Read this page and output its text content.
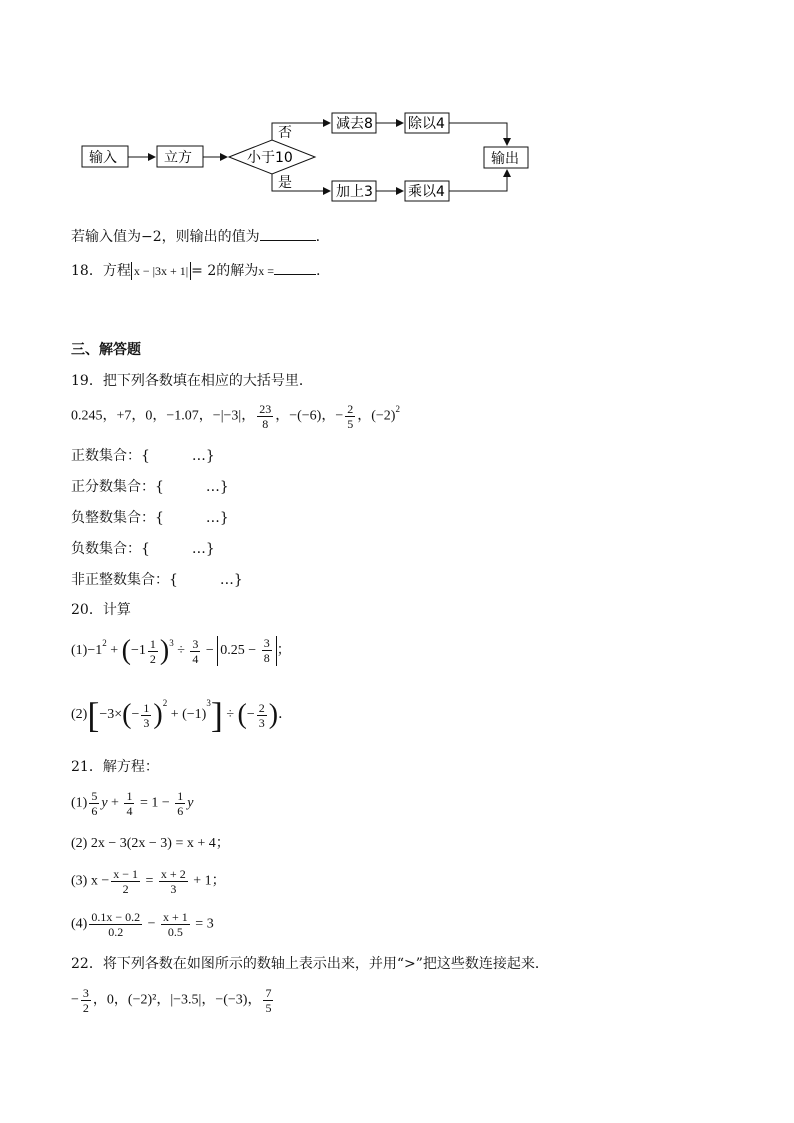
输入	立方	小于10
否
是
减去8	除以4
加上3	乘以4
输出
若输入值为−2，则输出的值为	.
18．方程 x − |3x + 1| = 2的解为x =	.
三、解答题
19．把下列各数填在相应的大括号里．
0.245，+7，0，−1.07，−|−3|， $\frac{23}{8}$ ，−(−6)，− $\frac{2}{5}$ ，$(-2)^2$
正数集合：{　　　…}
正分数集合：{　　　…}
负整数集合：{　　　…}
负数集合：{　　　…}
非正整数集合：{　　　…}
20．计算
$(1)-1^2 + (-1 \frac{1}{2} )^3 \div \frac{3}{4} - 0.25 - \frac{3}{8}$ ；
$(2)[-3\times(- \frac{1}{3} )^2 + (-1)^3]$ ÷ (− $\frac{2}{3}$ )．
21．解方程：
$(1) \frac{5}{6}$ $y + \frac{1}{4} = 1 - \frac{1}{6}$ y
(2) 2x − 3(2x − 3) = x + 4；
(3) $x - \frac{x - 1}{2} = \frac{x + 2}{3} + 1$；
$(4) \frac{0.1x - 0.2}{0.2} - \frac{x + 1}{0.5} = 3$
22．将下列各数在如图所示的数轴上表示出来，并用“>”把这些数连接起来．
− $\frac{3}{2}$ ，0，(−2)²，|−3.5|，−(−3)， $\frac{7}{5}$
